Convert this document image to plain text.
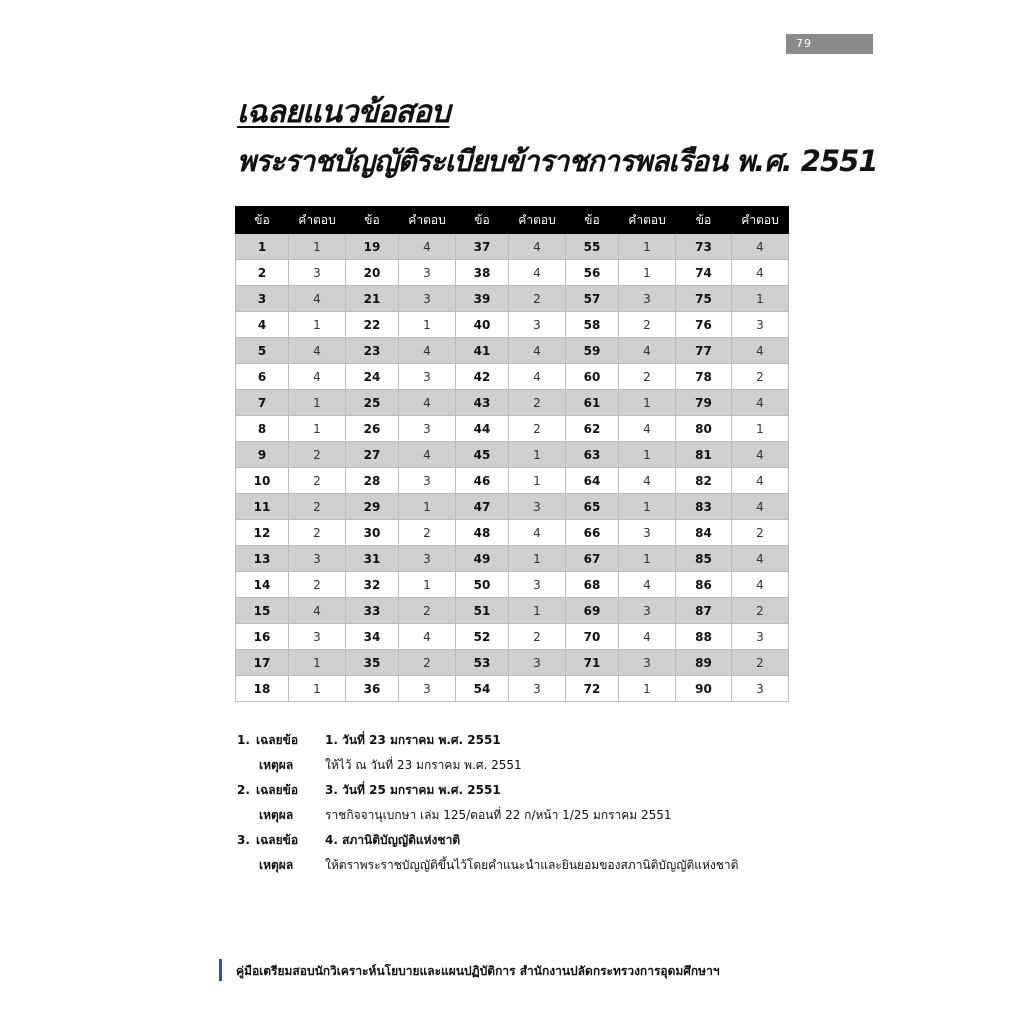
79
เฉลยแนวข้อสอบ
พระราชบัญญัติระเบียบข้าราชการพลเรือน พ.ศ. 2551
ข้อ	คำตอบ	ข้อ	คำตอบ	ข้อ	คำตอบ	ข้อ	คำตอบ	ข้อ	คำตอบ
1	1	19	4	37	4	55	1	73	4
2	3	20	3	38	4	56	1	74	4
3	4	21	3	39	2	57	3	75	1
4	1	22	1	40	3	58	2	76	3
5	4	23	4	41	4	59	4	77	4
6	4	24	3	42	4	60	2	78	2
7	1	25	4	43	2	61	1	79	4
8	1	26	3	44	2	62	4	80	1
9	2	27	4	45	1	63	1	81	4
10	2	28	3	46	1	64	4	82	4
11	2	29	1	47	3	65	1	83	4
12	2	30	2	48	4	66	3	84	2
13	3	31	3	49	1	67	1	85	4
14	2	32	1	50	3	68	4	86	4
15	4	33	2	51	1	69	3	87	2
16	3	34	4	52	2	70	4	88	3
17	1	35	2	53	3	71	3	89	2
18	1	36	3	54	3	72	1	90	3
1. เฉลยข้อ 1. วันที่ 23 มกราคม พ.ศ. 2551
เหตุผล	ให้ไว้ ณ วันที่ 23 มกราคม พ.ศ. 2551
2. เฉลยข้อ 3. วันที่ 25 มกราคม พ.ศ. 2551
เหตุผล	ราชกิจจานุเบกษา เล่ม 125/ตอนที่ 22 ก/หน้า 1/25 มกราคม 2551
3. เฉลยข้อ 4. สภานิติบัญญัติแห่งชาติ
เหตุผล	ให้ตราพระราชบัญญัติขึ้นไว้โดยคำแนะนำและยินยอมของสภานิติบัญญัติแห่งชาติ
คู่มือเตรียมสอบนักวิเคราะห์นโยบายและแผนปฏิบัติการ สำนักงานปลัดกระทรวงการอุดมศึกษาฯ
